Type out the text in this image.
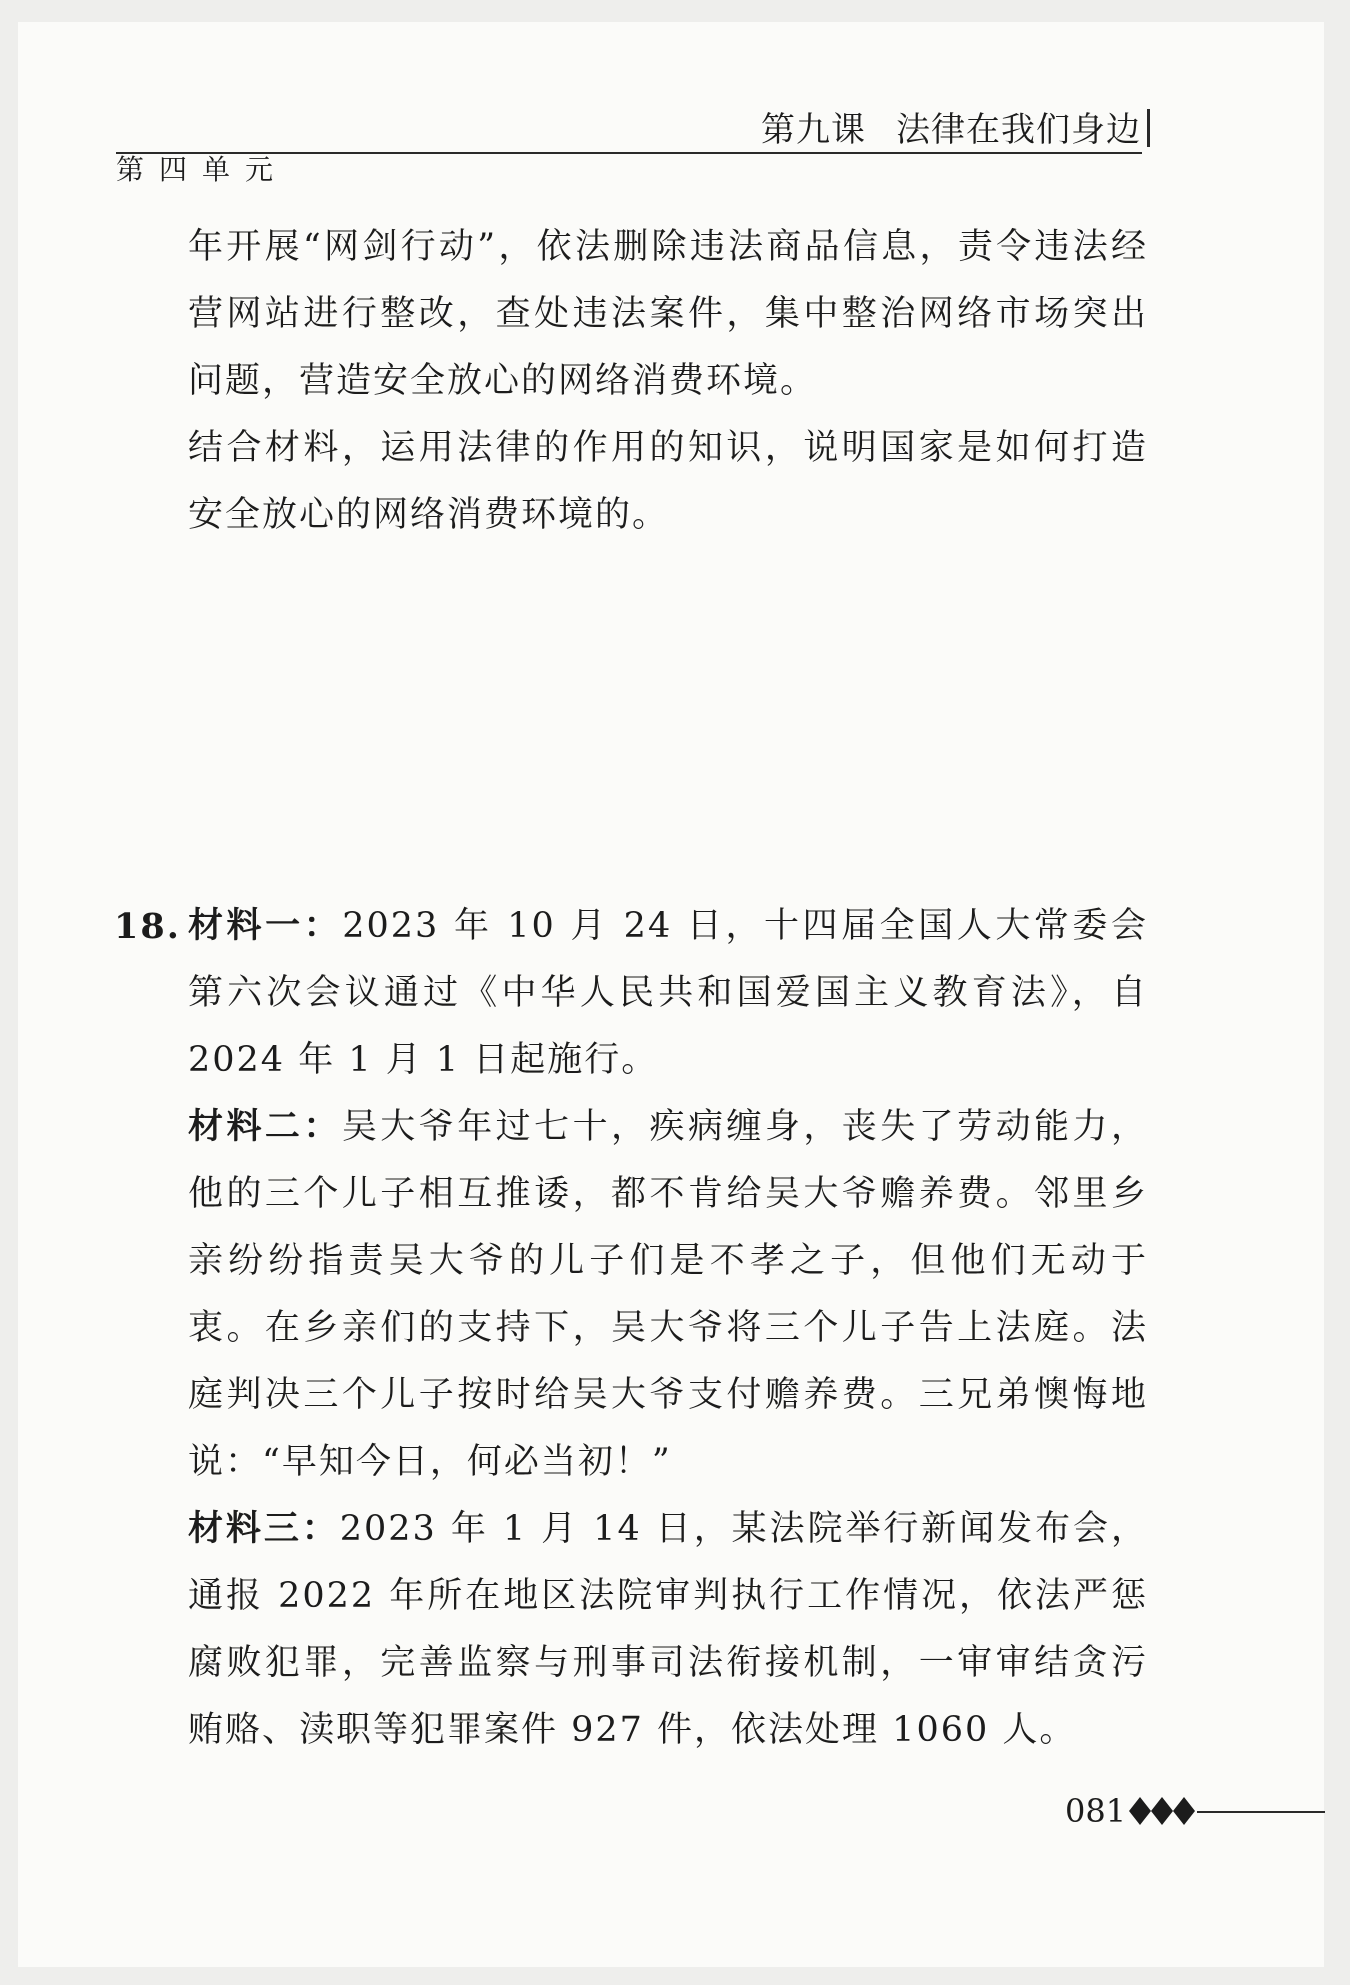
第九课 法律在我们身边
第四单元

年开展“网剑行动”，依法删除违法商品信息，责令违法经营网站进行整改，查处违法案件，集中整治网络市场突出问题，营造安全放心的网络消费环境。

结合材料，运用法律的作用的知识，说明国家是如何打造安全放心的网络消费环境的。

18. 材料一：2023 年 10 月 24 日，十四届全国人大常委会第六次会议通过《中华人民共和国爱国主义教育法》，自 2024 年 1 月 1 日起施行。

材料二：吴大爷年过七十，疾病缠身，丧失了劳动能力，他的三个儿子相互推诿，都不肯给吴大爷赡养费。邻里乡亲纷纷指责吴大爷的儿子们是不孝之子，但他们无动于衷。在乡亲们的支持下，吴大爷将三个儿子告上法庭。法庭判决三个儿子按时给吴大爷支付赡养费。三兄弟懊悔地说：“早知今日，何必当初！”

材料三：2023 年 1 月 14 日，某法院举行新闻发布会，通报 2022 年所在地区法院审判执行工作情况，依法严惩腐败犯罪，完善监察与刑事司法衔接机制，一审审结贪污贿赂、渎职等犯罪案件 927 件，依法处理 1060 人。

081
